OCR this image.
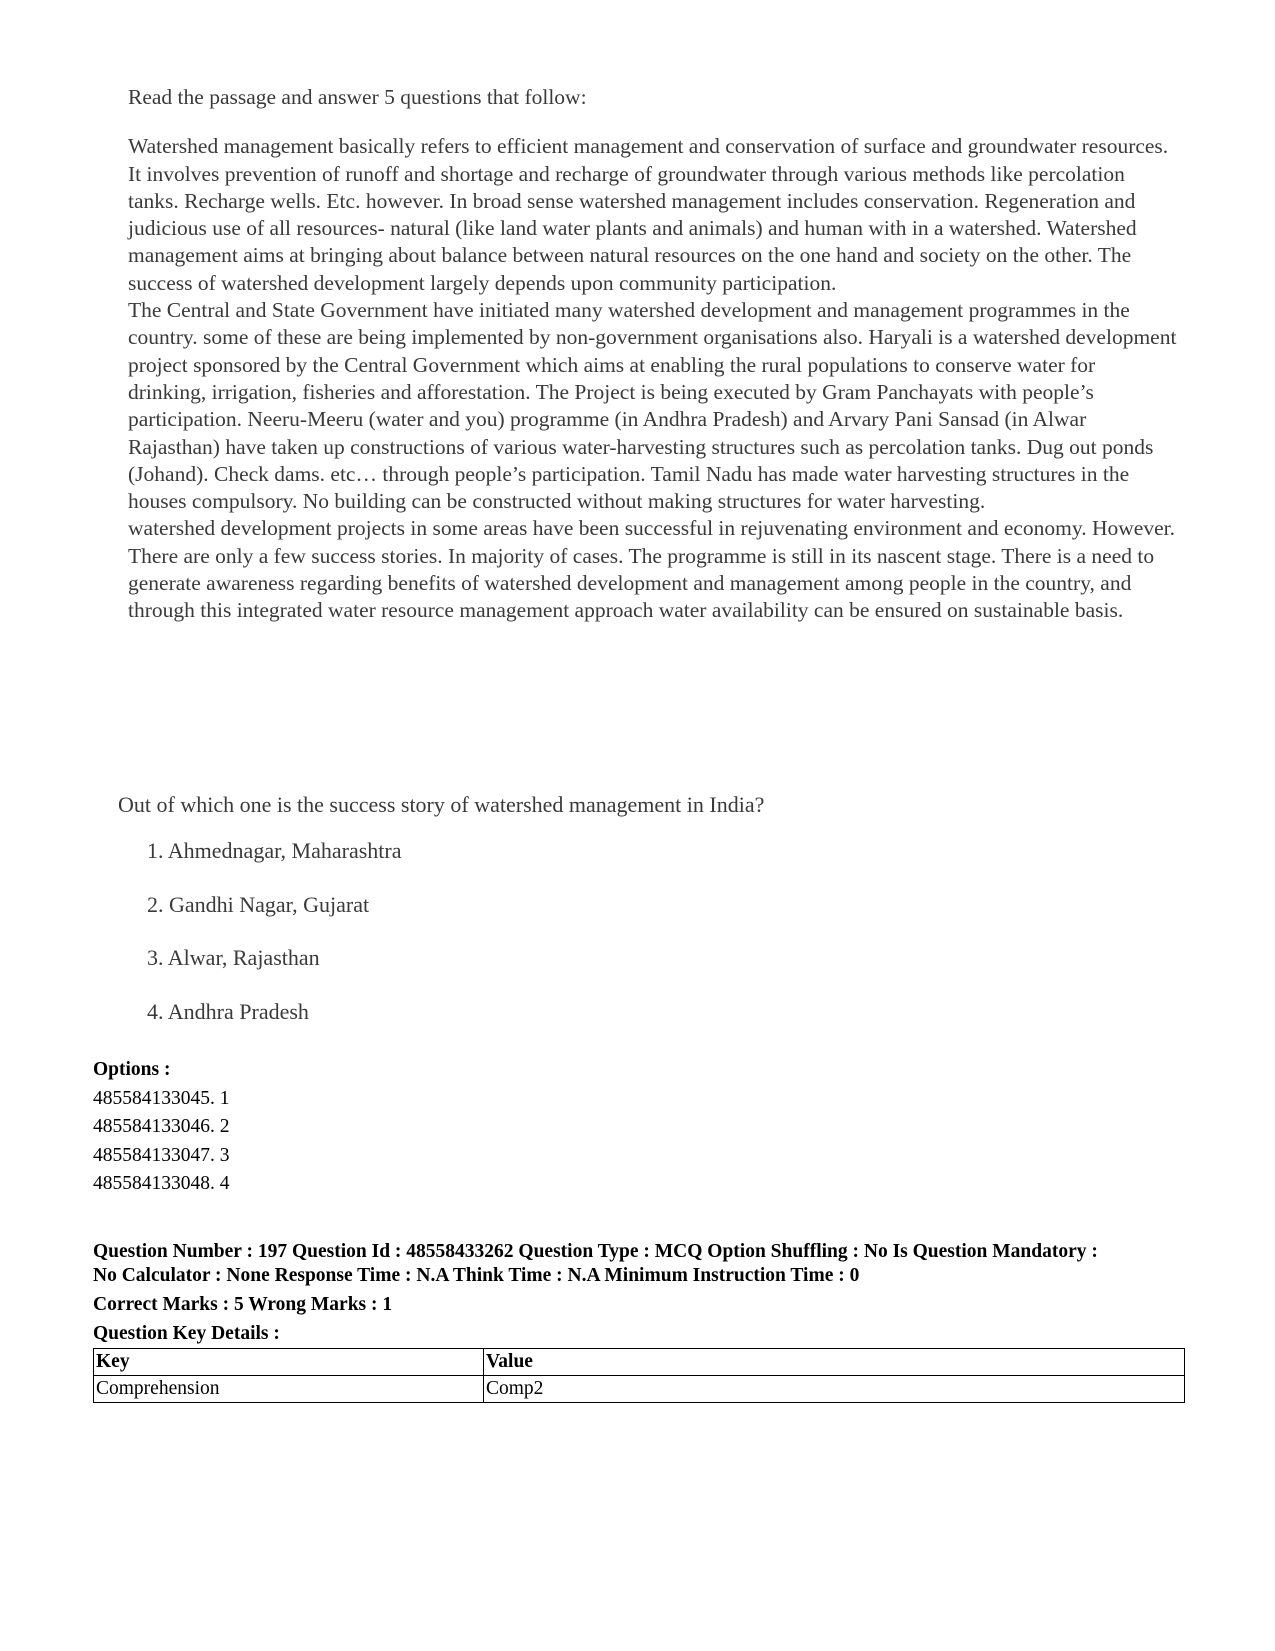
Read the passage and answer 5 questions that follow:
Watershed management basically refers to efficient management and conservation of surface and groundwater resources. It involves prevention of runoff and shortage and recharge of groundwater through various methods like percolation tanks. Recharge wells. Etc. however. In broad sense watershed management includes conservation. Regeneration and judicious use of all resources- natural (like land water plants and animals) and human with in a watershed. Watershed management aims at bringing about balance between natural resources on the one hand and society on the other. The success of watershed development largely depends upon community participation.
The Central and State Government have initiated many watershed development and management programmes in the country. some of these are being implemented by non-government organisations also. Haryali is a watershed development project sponsored by the Central Government which aims at enabling the rural populations to conserve water for drinking, irrigation, fisheries and afforestation. The Project is being executed by Gram Panchayats with people’s participation. Neeru-Meeru (water and you) programme (in Andhra Pradesh) and Arvary Pani Sansad (in Alwar Rajasthan) have taken up constructions of various water-harvesting structures such as percolation tanks. Dug out ponds (Johand). Check dams. etc… through people’s participation. Tamil Nadu has made water harvesting structures in the houses compulsory. No building can be constructed without making structures for water harvesting.
watershed development projects in some areas have been successful in rejuvenating environment and economy. However. There are only a few success stories. In majority of cases. The programme is still in its nascent stage. There is a need to generate awareness regarding benefits of watershed development and management among people in the country, and through this integrated water resource management approach water availability can be ensured on sustainable basis.
Out of which one is the success story of watershed management in India?
1. Ahmednagar, Maharashtra
2. Gandhi Nagar, Gujarat
3. Alwar, Rajasthan
4. Andhra Pradesh
Options :
485584133045. 1
485584133046. 2
485584133047. 3
485584133048. 4
Question Number : 197 Question Id : 48558433262 Question Type : MCQ Option Shuffling : No Is Question Mandatory :
No Calculator : None Response Time : N.A Think Time : N.A Minimum Instruction Time : 0
Correct Marks : 5 Wrong Marks : 1
Question Key Details :
Key	Value
Comprehension	Comp2
